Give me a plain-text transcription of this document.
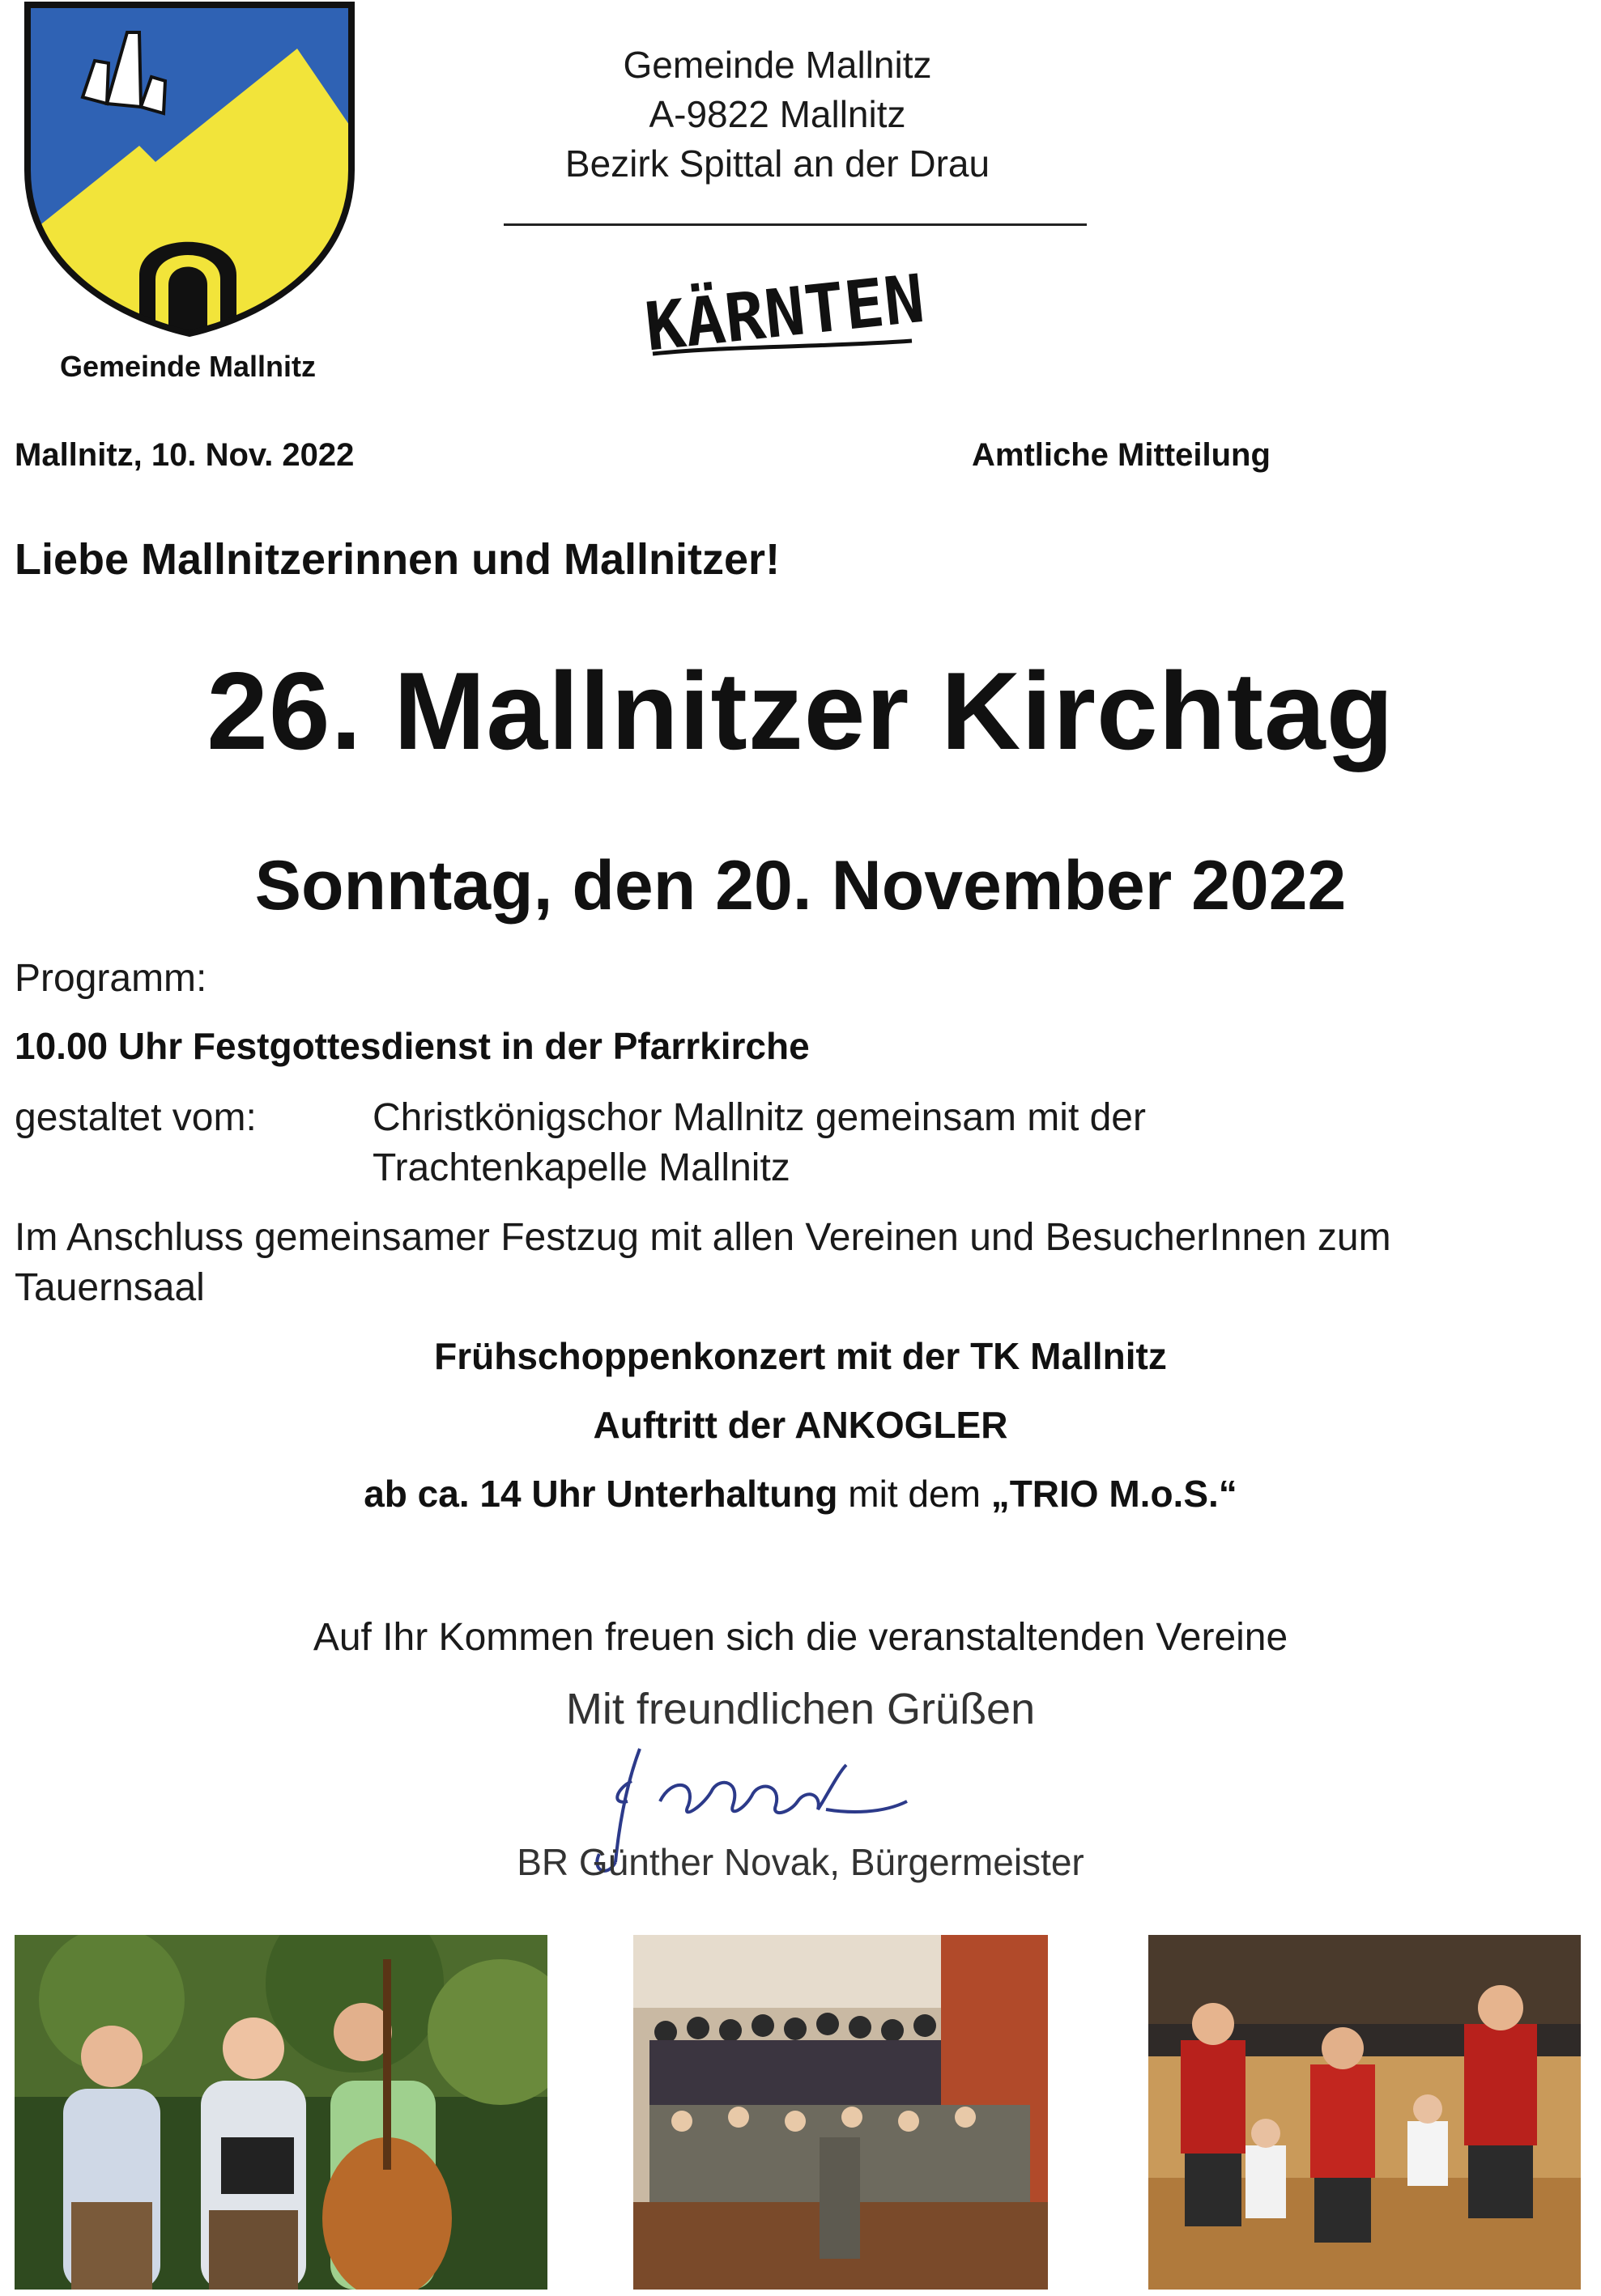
Gemeinde Mallnitz
Gemeinde Mallnitz
A-9822 Mallnitz
Bezirk Spittal an der Drau
KÄRNTEN
Mallnitz, 10. Nov. 2022	Amtliche Mitteilung
Liebe Mallnitzerinnen und Mallnitzer!
26. Mallnitzer Kirchtag
Sonntag, den 20. November 2022
Programm:
10.00 Uhr Festgottesdienst in der Pfarrkirche
gestaltet vom:	Christkönigschor Mallnitz gemeinsam mit der
Trachtenkapelle Mallnitz
Im Anschluss gemeinsamer Festzug mit allen Vereinen und BesucherInnen zum
Tauernsaal
Frühschoppenkonzert mit der TK Mallnitz
Auftritt der ANKOGLER
ab ca. 14 Uhr Unterhaltung mit dem „TRIO M.o.S.“
Auf Ihr Kommen freuen sich die veranstaltenden Vereine
Mit freundlichen Grüßen
BR Günther Novak, Bürgermeister
